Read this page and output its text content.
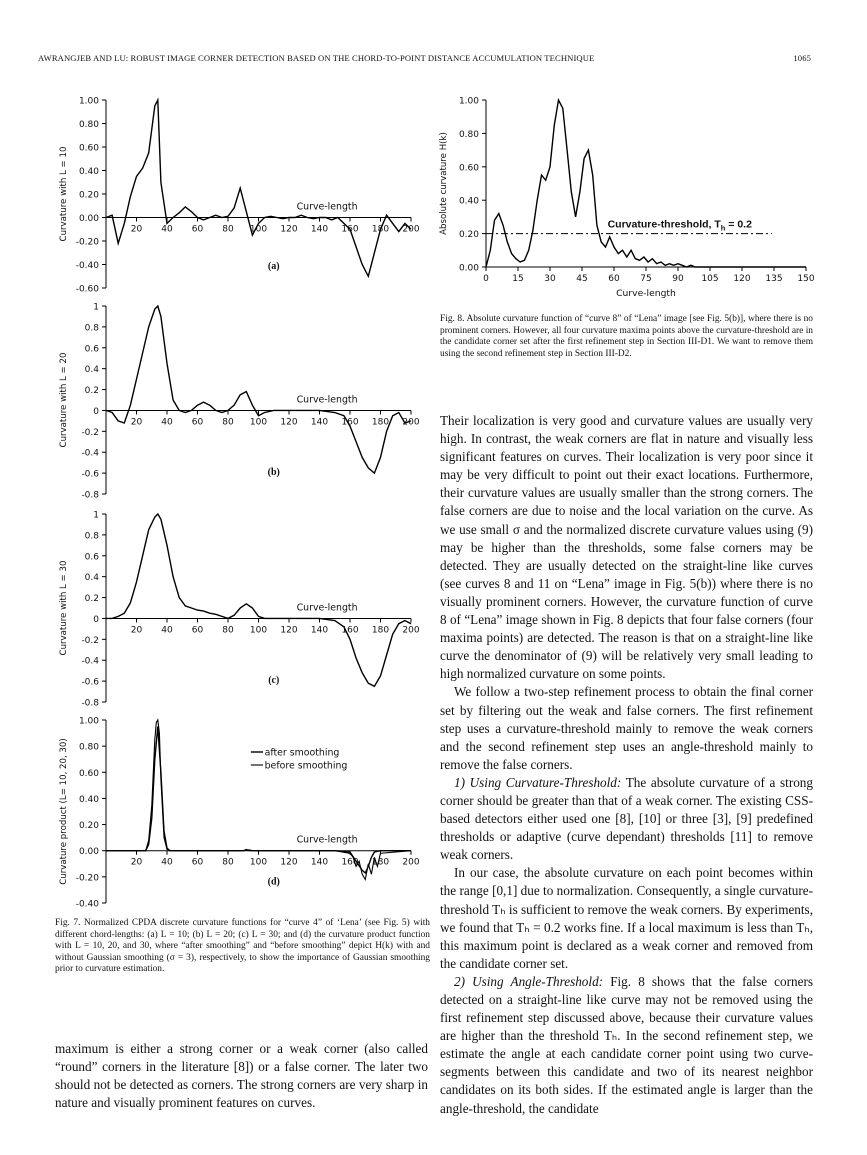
AWRANGJEB AND LU: ROBUST IMAGE CORNER DETECTION BASED ON THE CHORD-TO-POINT DISTANCE ACCUMULATION TECHNIQUE	1065
1.00
0.80
0.60
0.40
0.20
0.00
-0.20
-0.40
-0.60
20 40 60 80 100 120 140 160 180 200
Curvature with L = 10	Curve-length
(a)
1
0.8
0.6
0.4
0.2
0
-0.2
-0.4
-0.6
-0.8
20 40 60 80 100 120 140 160 180 200
Curvature with L = 20	Curve-length
(b)
1
0.8
0.6
0.4
0.2
0
-0.2
-0.4
-0.6
-0.8
20 40 60 80 100 120 140 160 180 200
Curvature with L = 30	Curve-length
(c)
1.00
0.80
0.60
0.40
0.20
0.00
-0.20
-0.40
20 40 60 80 100 120 140 160 180 200
Curvature product (L= 10, 20, 30)	Curve-length
(d)
after smoothing
before smoothing
Fig. 7. Normalized CPDA discrete curvature functions for “curve 4” of ‘Lena’ (see Fig. 5) with different chord-lengths: (a) L = 10; (b) L = 20; (c) L = 30; and (d) the curvature product function with L = 10, 20, and 30, where “after smoothing” and “before smoothing” depict H(k) with and without Gaussian smoothing (σ = 3), respectively, to show the importance of Gaussian smoothing prior to curvature estimation.
1.00
0.80
0.60
0.40
0.20
0.00
0	15 30 45 60 75 90 105 120 135 150
Absolute curvature H(k)
Curve-length
Curvature-threshold, $T_h = 0.2$
Fig. 8. Absolute curvature function of “curve 8” of “Lena” image [see Fig. 5(b)], where there is no prominent corners. However, all four curvature maxima points above the curvature-threshold are in the candidate corner set after the first refinement step in Section III-D1. We want to remove them using the second refinement step in Section III-D2.

maximum is either a strong corner or a weak corner (also called “round” corners in the literature [8]) or a false corner. The later two should not be detected as corners. The strong corners are very sharp in nature and visually prominent features on curves.

Their localization is very good and curvature values are usually very high. In contrast, the weak corners are flat in nature and visually less significant features on curves. Their localization is very poor since it may be very difficult to point out their exact locations. Furthermore, their curvature values are usually smaller than the strong corners. The false corners are due to noise and the local variation on the curve. As we use small σ and the normalized discrete curvature values using (9) may be higher than the thresholds, some false corners may be detected. They are usually detected on the straight-line like curves (see curves 8 and 11 on “Lena” image in Fig. 5(b)) where there is no visually prominent corners. However, the curvature function of curve 8 of “Lena” image shown in Fig. 8 depicts that four false corners (four maxima points) are detected. The reason is that on a straight-line like curve the denominator of (9) will be relatively very small leading to high normalized curvature on some points.

We follow a two-step refinement process to obtain the final corner set by filtering out the weak and false corners. The first refinement step uses a curvature-threshold mainly to remove the weak corners and the second refinement step uses an angle-threshold mainly to remove the false corners.

1) Using Curvature-Threshold: The absolute curvature of a strong corner should be greater than that of a weak corner. The existing CSS-based detectors either used one [8], [10] or three [3], [9] predefined thresholds or adaptive (curve dependant) thresholds [11] to remove weak corners.

In our case, the absolute curvature on each point becomes within the range [0,1] due to normalization. Consequently, a single curvature-threshold Tₕ is sufficient to remove the weak corners. By experiments, we found that Tₕ = 0.2 works fine. If a local maximum is less than Tₕ, this maximum point is declared as a weak corner and removed from the candidate corner set.

2) Using Angle-Threshold: Fig. 8 shows that the false corners detected on a straight-line like curve may not be removed using the first refinement step discussed above, because their curvature values are higher than the threshold Tₕ. In the second refinement step, we estimate the angle at each candidate corner point using two curve-segments between this candidate and two of its nearest neighbor candidates on its both sides. If the estimated angle is larger than the angle-threshold, the candidate
